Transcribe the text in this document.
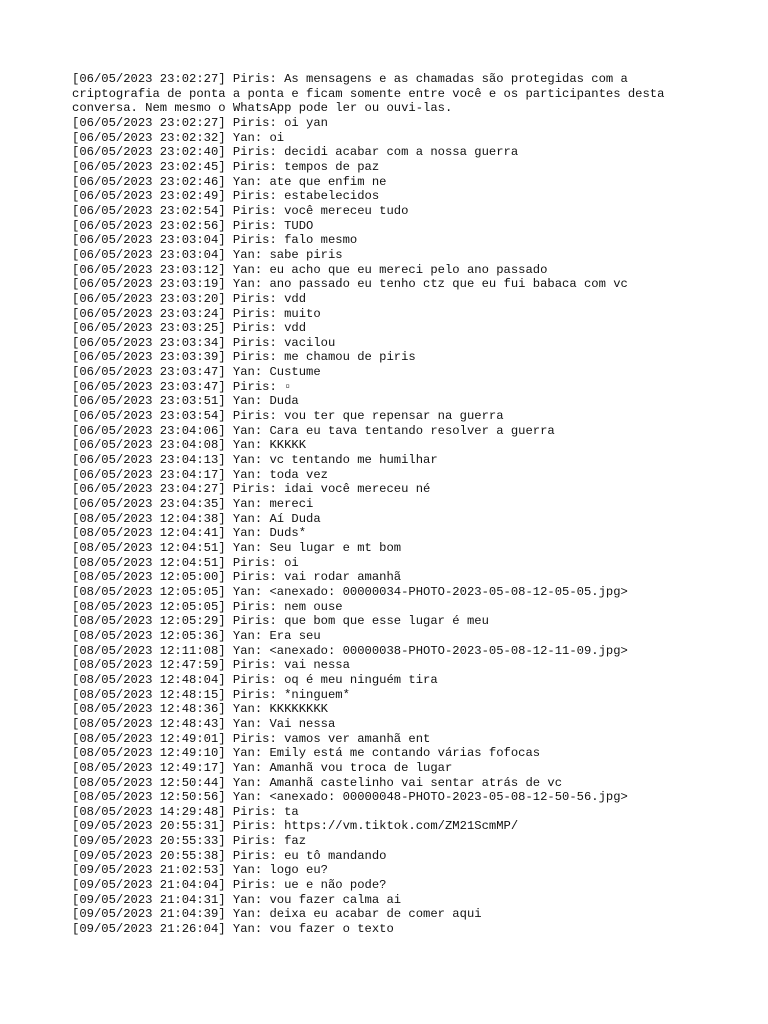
[06/05/2023 23:02:27] Piris: As mensagens e as chamadas são protegidas com a
criptografia de ponta a ponta e ficam somente entre você e os participantes desta
conversa. Nem mesmo o WhatsApp pode ler ou ouvi-las.
[06/05/2023 23:02:27] Piris: oi yan
[06/05/2023 23:02:32] Yan: oi
[06/05/2023 23:02:40] Piris: decidi acabar com a nossa guerra
[06/05/2023 23:02:45] Piris: tempos de paz
[06/05/2023 23:02:46] Yan: ate que enfim ne
[06/05/2023 23:02:49] Piris: estabelecidos
[06/05/2023 23:02:54] Piris: você mereceu tudo
[06/05/2023 23:02:56] Piris: TUDO
[06/05/2023 23:03:04] Piris: falo mesmo
[06/05/2023 23:03:04] Yan: sabe piris
[06/05/2023 23:03:12] Yan: eu acho que eu mereci pelo ano passado
[06/05/2023 23:03:19] Yan: ano passado eu tenho ctz que eu fui babaca com vc
[06/05/2023 23:03:20] Piris: vdd
[06/05/2023 23:03:24] Piris: muito
[06/05/2023 23:03:25] Piris: vdd
[06/05/2023 23:03:34] Piris: vacilou
[06/05/2023 23:03:39] Piris: me chamou de piris
[06/05/2023 23:03:47] Yan: Custume
[06/05/2023 23:03:47] Piris: ▫
[06/05/2023 23:03:51] Yan: Duda
[06/05/2023 23:03:54] Piris: vou ter que repensar na guerra
[06/05/2023 23:04:06] Yan: Cara eu tava tentando resolver a guerra
[06/05/2023 23:04:08] Yan: KKKKK
[06/05/2023 23:04:13] Yan: vc tentando me humilhar
[06/05/2023 23:04:17] Yan: toda vez
[06/05/2023 23:04:27] Piris: idai você mereceu né
[06/05/2023 23:04:35] Yan: mereci
[08/05/2023 12:04:38] Yan: Aí Duda
[08/05/2023 12:04:41] Yan: Duds*
[08/05/2023 12:04:51] Yan: Seu lugar e mt bom
[08/05/2023 12:04:51] Piris: oi
[08/05/2023 12:05:00] Piris: vai rodar amanhã
[08/05/2023 12:05:05] Yan: <anexado: 00000034-PHOTO-2023-05-08-12-05-05.jpg>
[08/05/2023 12:05:05] Piris: nem ouse
[08/05/2023 12:05:29] Piris: que bom que esse lugar é meu
[08/05/2023 12:05:36] Yan: Era seu
[08/05/2023 12:11:08] Yan: <anexado: 00000038-PHOTO-2023-05-08-12-11-09.jpg>
[08/05/2023 12:47:59] Piris: vai nessa
[08/05/2023 12:48:04] Piris: oq é meu ninguém tira
[08/05/2023 12:48:15] Piris: *ninguem*
[08/05/2023 12:48:36] Yan: KKKKKKKK
[08/05/2023 12:48:43] Yan: Vai nessa
[08/05/2023 12:49:01] Piris: vamos ver amanhã ent
[08/05/2023 12:49:10] Yan: Emily está me contando várias fofocas
[08/05/2023 12:49:17] Yan: Amanhã vou troca de lugar
[08/05/2023 12:50:44] Yan: Amanhã castelinho vai sentar atrás de vc
[08/05/2023 12:50:56] Yan: <anexado: 00000048-PHOTO-2023-05-08-12-50-56.jpg>
[08/05/2023 14:29:48] Piris: ta
[09/05/2023 20:55:31] Piris: https://vm.tiktok.com/ZM21ScmMP/
[09/05/2023 20:55:33] Piris: faz
[09/05/2023 20:55:38] Piris: eu tô mandando
[09/05/2023 21:02:53] Yan: logo eu?
[09/05/2023 21:04:04] Piris: ue e não pode?
[09/05/2023 21:04:31] Yan: vou fazer calma ai
[09/05/2023 21:04:39] Yan: deixa eu acabar de comer aqui
[09/05/2023 21:26:04] Yan: vou fazer o texto
